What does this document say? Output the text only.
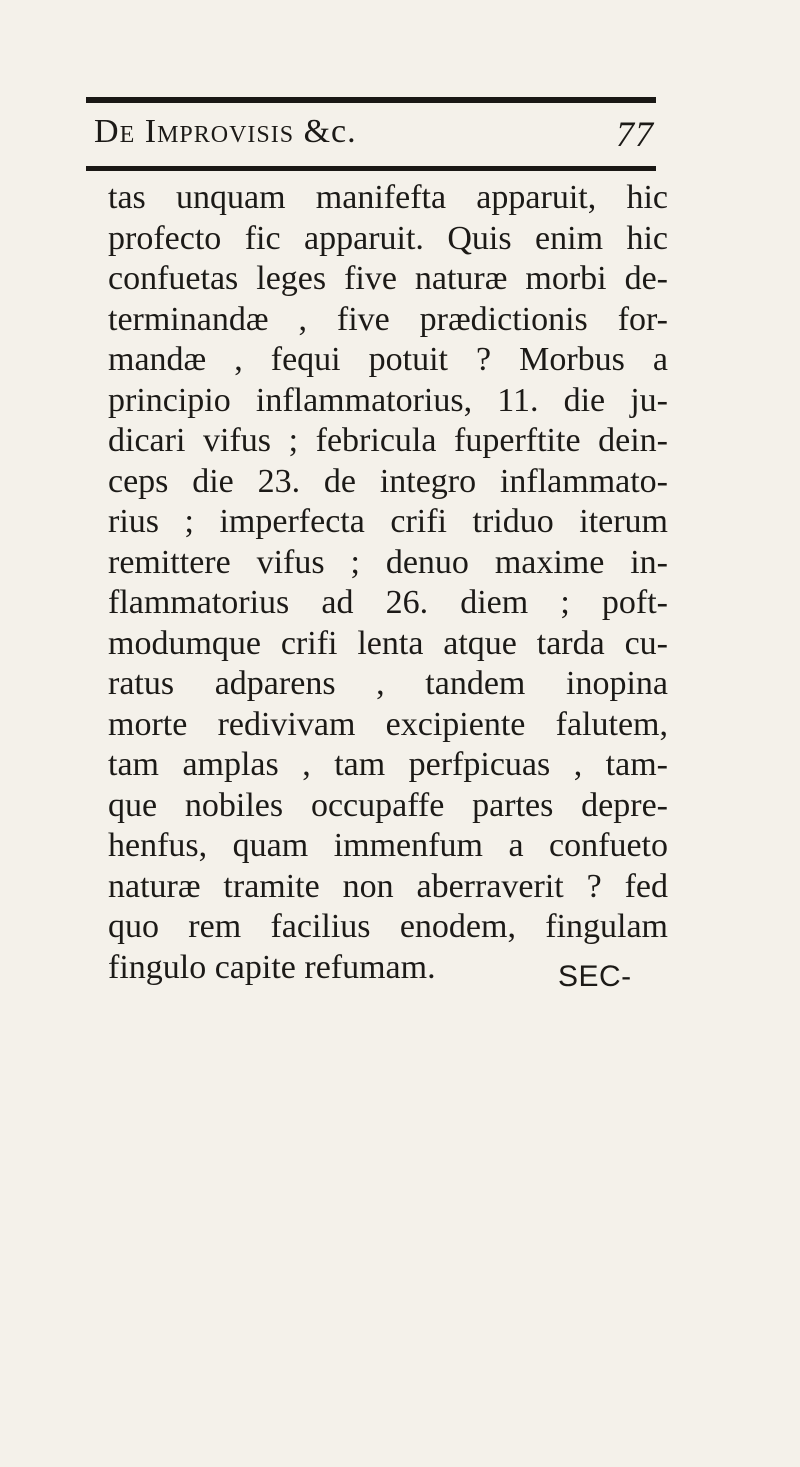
De Improvisis &c.	77
tas unquam manifefta apparuit, hic
profecto fic apparuit. Quis enim hic
confuetas leges five naturæ morbi de-
terminandæ , five prædictionis for-
mandæ , fequi potuit ? Morbus a
principio inflammatorius, 11. die ju-
dicari vifus ; febricula fuperftite dein-
ceps die 23. de integro inflammato-
rius ; imperfecta crifi triduo iterum
remittere vifus ; denuo maxime in-
flammatorius ad 26. diem ; poft-
modumque crifi lenta atque tarda cu-
ratus adparens , tandem inopina
morte redivivam excipiente falutem,
tam amplas , tam perfpicuas , tam-
que nobiles occupaffe partes depre-
henfus, quam immenfum a confueto
naturæ tramite non aberraverit ? fed
quo rem facilius enodem, fingulam
fingulo capite refumam.	SEC-
